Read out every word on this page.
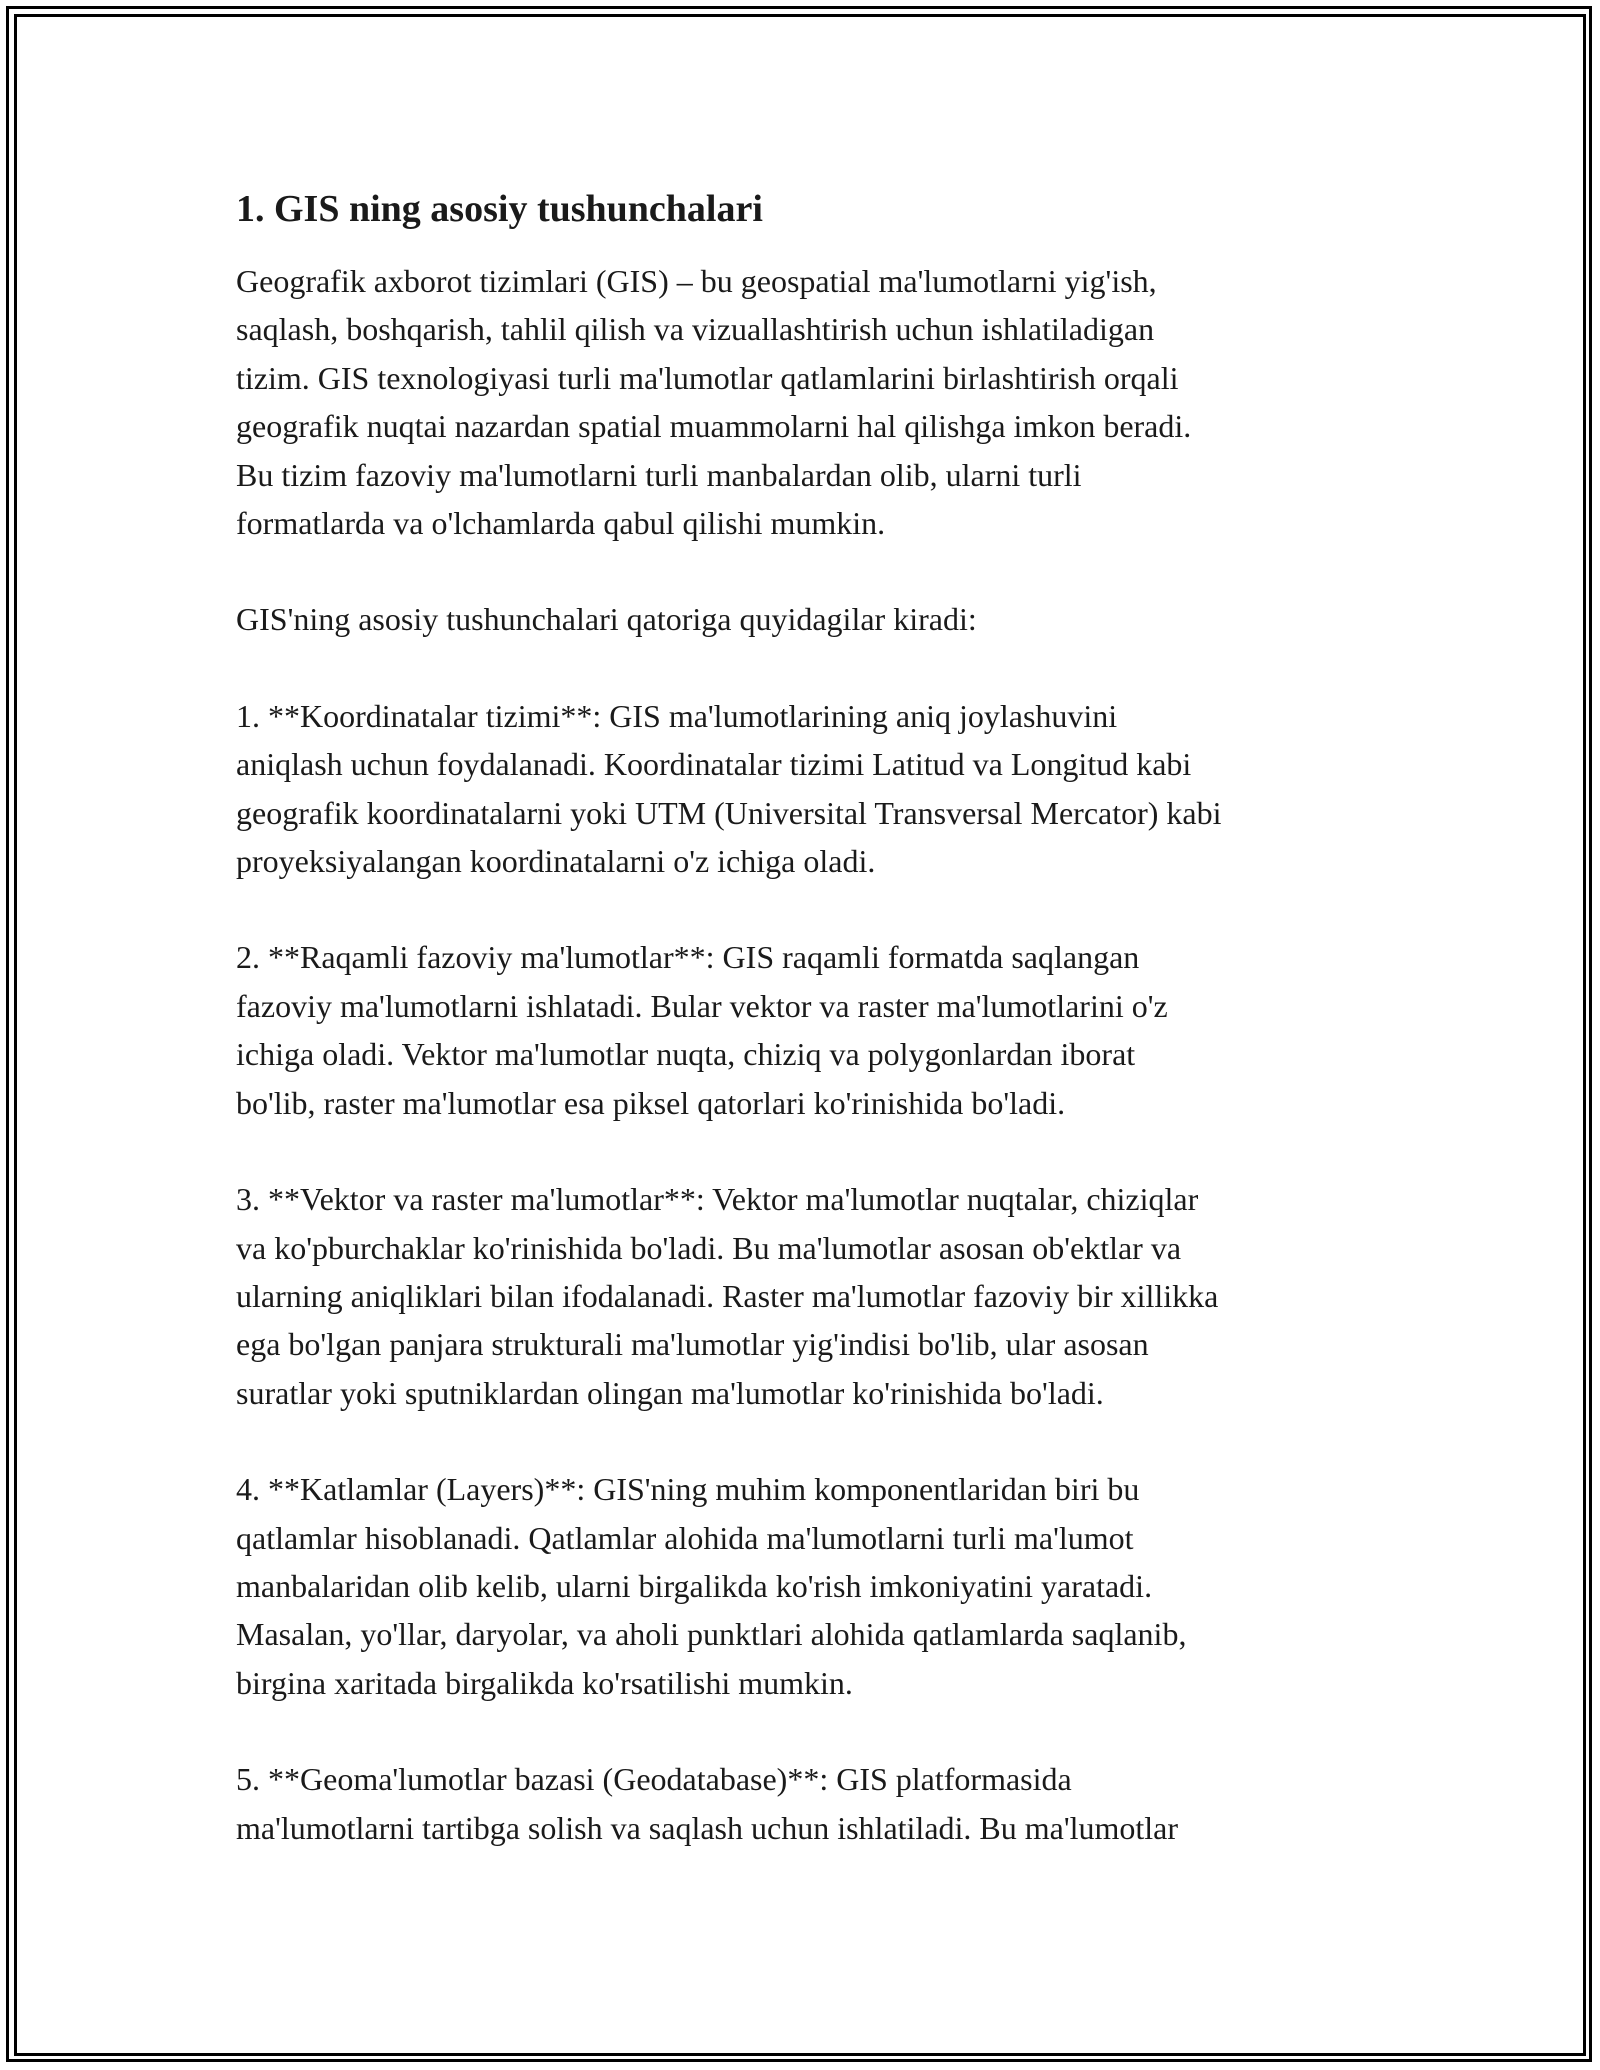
1. GIS ning asosiy tushunchalari

Geografik axborot tizimlari (GIS) – bu geospatial ma'lumotlarni yig'ish,
saqlash, boshqarish, tahlil qilish va vizuallashtirish uchun ishlatiladigan
tizim. GIS texnologiyasi turli ma'lumotlar qatlamlarini birlashtirish orqali
geografik nuqtai nazardan spatial muammolarni hal qilishga imkon beradi.
Bu tizim fazoviy ma'lumotlarni turli manbalardan olib, ularni turli
formatlarda va o'lchamlarda qabul qilishi mumkin.

GIS'ning asosiy tushunchalari qatoriga quyidagilar kiradi:

1. **Koordinatalar tizimi**: GIS ma'lumotlarining aniq joylashuvini
aniqlash uchun foydalanadi. Koordinatalar tizimi Latitud va Longitud kabi
geografik koordinatalarni yoki UTM (Universital Transversal Mercator) kabi
proyeksiyalangan koordinatalarni o'z ichiga oladi.

2. **Raqamli fazoviy ma'lumotlar**: GIS raqamli formatda saqlangan
fazoviy ma'lumotlarni ishlatadi. Bular vektor va raster ma'lumotlarini o'z
ichiga oladi. Vektor ma'lumotlar nuqta, chiziq va polygonlardan iborat
bo'lib, raster ma'lumotlar esa piksel qatorlari ko'rinishida bo'ladi.

3. **Vektor va raster ma'lumotlar**: Vektor ma'lumotlar nuqtalar, chiziqlar
va ko'pburchaklar ko'rinishida bo'ladi. Bu ma'lumotlar asosan ob'ektlar va
ularning aniqliklari bilan ifodalanadi. Raster ma'lumotlar fazoviy bir xillikka
ega bo'lgan panjara strukturali ma'lumotlar yig'indisi bo'lib, ular asosan
suratlar yoki sputniklardan olingan ma'lumotlar ko'rinishida bo'ladi.

4. **Katlamlar (Layers)**: GIS'ning muhim komponentlaridan biri bu
qatlamlar hisoblanadi. Qatlamlar alohida ma'lumotlarni turli ma'lumot
manbalaridan olib kelib, ularni birgalikda ko'rish imkoniyatini yaratadi.
Masalan, yo'llar, daryolar, va aholi punktlari alohida qatlamlarda saqlanib,
birgina xaritada birgalikda ko'rsatilishi mumkin.

5. **Geoma'lumotlar bazasi (Geodatabase)**: GIS platformasida
ma'lumotlarni tartibga solish va saqlash uchun ishlatiladi. Bu ma'lumotlar
